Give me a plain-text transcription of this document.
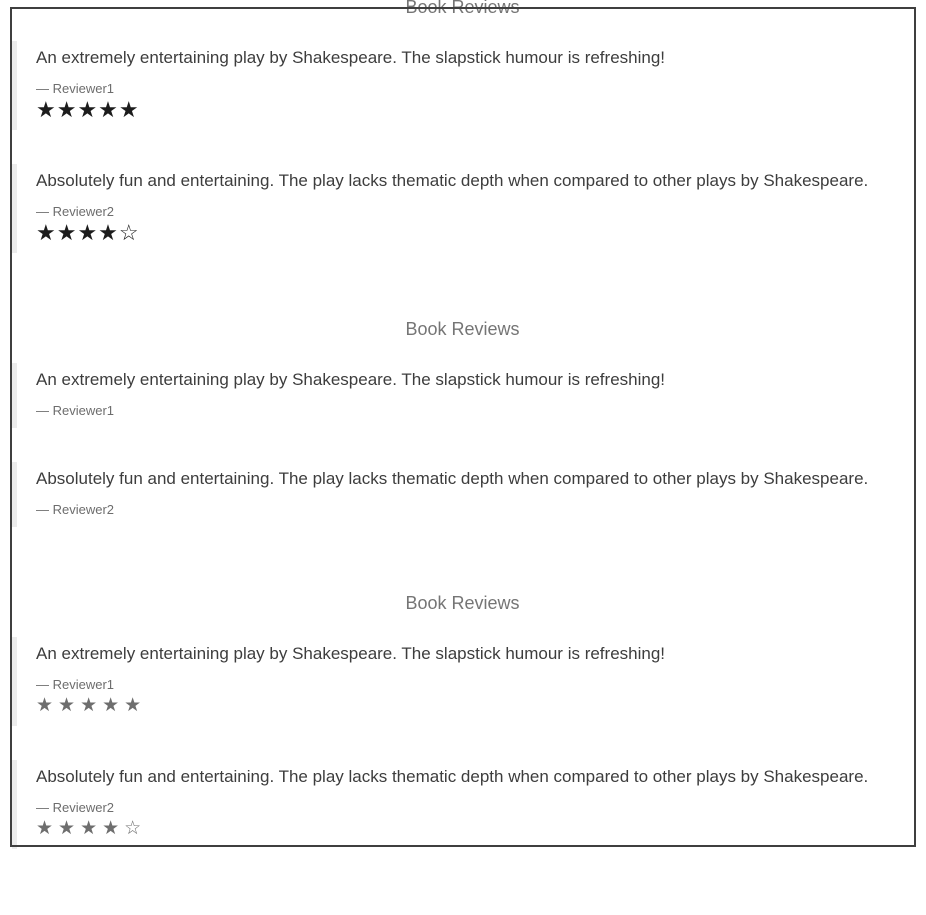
Book Reviews

An extremely entertaining play by Shakespeare. The slapstick humour is refreshing!

— Reviewer1
★★★★★

Absolutely fun and entertaining. The play lacks thematic depth when compared to other plays by Shakespeare.

— Reviewer2
★★★★☆
Book Reviews

An extremely entertaining play by Shakespeare. The slapstick humour is refreshing!

— Reviewer1

Absolutely fun and entertaining. The play lacks thematic depth when compared to other plays by Shakespeare.

— Reviewer2
Book Reviews

An extremely entertaining play by Shakespeare. The slapstick humour is refreshing!

— Reviewer1
★★★★★

Absolutely fun and entertaining. The play lacks thematic depth when compared to other plays by Shakespeare.

— Reviewer2
★★★★☆
